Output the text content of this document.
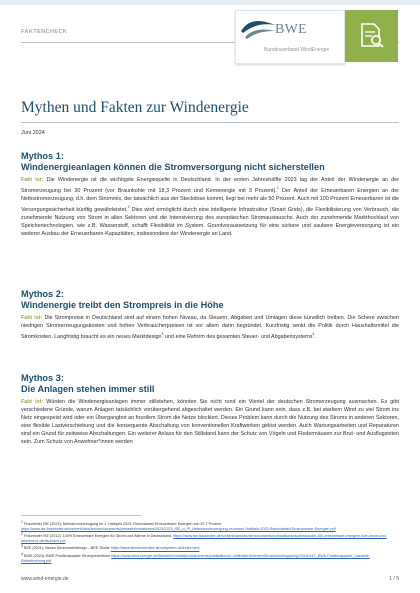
FAKTENCHECK	BWE
Bundesverband WindEnergie
Mythen und Fakten zur Windenergie
Juni 2024
Mythos 1:
Windenergieanlagen können die Stromversorgung nicht sicherstellen
Fakt ist: Die Windenergie ist die wichtigste Energiequelle in Deutschland. In der ersten Jahreshälfte 2023 lag der Anteil der Windenergie an der Stromerzeugung bei 30 Prozent (vor Braunkohle mit 18,3 Prozent und Kernenergie mit 3 Prozent).$^1$ Der Anteil der Erneuerbaren Energien an der Nettostromerzeugung, d.h. dem Strommix, der tatsächlich aus der Steckdose kommt, liegt bei mehr als 50 Prozent. Auch mit 100 Prozent Erneuerbaren ist die Versorgungssicherheit künftig gewährleistet.$^2$ Dies wird ermöglicht durch eine intelligente Infrastruktur (Smart Grids), die Flexibilisierung von Verbrauch, die zunehmende Nutzung von Strom in allen Sektoren und die Intensivierung des europäischen Stromaustauschs. Auch der zunehmende Markthochlauf von Speichertechnologien, wie z.B. Wasserstoff, schafft Flexibilität im System. Grundvoraussetzung für eine sichere und saubere Energieversorgung ist ein weiterer Ausbau der Erneuerbaren-Kapazitäten, insbesondere der Windenergie an Land.
Mythos 2:
Windenergie treibt den Strompreis in die Höhe
Fakt ist: Die Strompreise in Deutschland sind auf einem hohen Niveau, da Steuern, Abgaben und Umlagen diese künstlich treiben. Die Schere zwischen niedrigen Stromerzeugungskosten und hohen Verbraucherpreisen ist vor allem darin begründet. Kurzfristig senkt die Politik durch Haushaltsmittel die Stromkosten. Langfristig braucht es ein neues Marktdesign$^3$ und eine Reform des gesamten Steuer- und Abgabensystems$^4$.
Mythos 3:
Die Anlagen stehen immer still
Fakt ist: Würden die Windenergieanlagen immer stillstehen, könnten Sie nicht rund ein Viertel der deutschen Stromerzeugung ausmachen. Es gibt verschiedene Gründe, warum Anlagen tatsächlich vorübergehend abgeschaltet werden. Ein Grund kann sein, dass z.B. bei starkem Wind zu viel Strom ins Netz eingespeist wird oder ein Übergangbot an fossilem Strom die Netze blockiert. Dieses Problem kann durch die Nutzung des Stroms in anderen Sektoren, eine flexible Lastverschiebung und die konsequente Abschaltung von konventionellen Kraftwerken gelöst werden. Auch Wartungsarbeiten und Reparaturen sind ein Grund für zeitweise Abschaltungen. Ein weiterer Anlass für den Stillstand kann der Schutz von Vögeln und Fledermäusen zur Brut- und Ausflugzeiten sein. Zum Schutz von Anwohner*innen werden

$^1$ Fraunhofer ISE (2023): Nettostromerzeugung im 1. Halbjahr 2023: Rekordanteil Erneuerbarer Energien von 57,7 Prozent https://www.ise.fraunhofer.de/content/dam/ise/de/documents/presseinformationen/2023/2223_ISE_d_PI_Nettostromerzeugung-im-ersten-Halbjahr-2023-Rekordanteil-Erneuerbarer-Energien.pdf

$^2$ Fraunhofer ISE (2012): 100% Erneuerbare Energien für Strom und Wärme in Deutschland. https://www.ise.fraunhofer.de/content/dam/ise/de/documents/publications/studies/studie-100-erneuerbare-energien-fuer-strom-und-waerme-in-deutschland.pdf

$^3$ BEE (2021): Neues Strommarktdesign – BEE Studie https://www.klimaneutrales-stromsystem.de/index.html

$^4$ BWE (2024): BWE Positionspapier Strompreisreform https://www.wind-energie.de/fileadmin/redaktion/dokumente/publikationen-oeffentlich/themen/08-sektorenkopplung/20240417_BWE-Positionspapier_Industrie-Elektrifizierung.pdf

www.wind-energie.de	1 / 5
